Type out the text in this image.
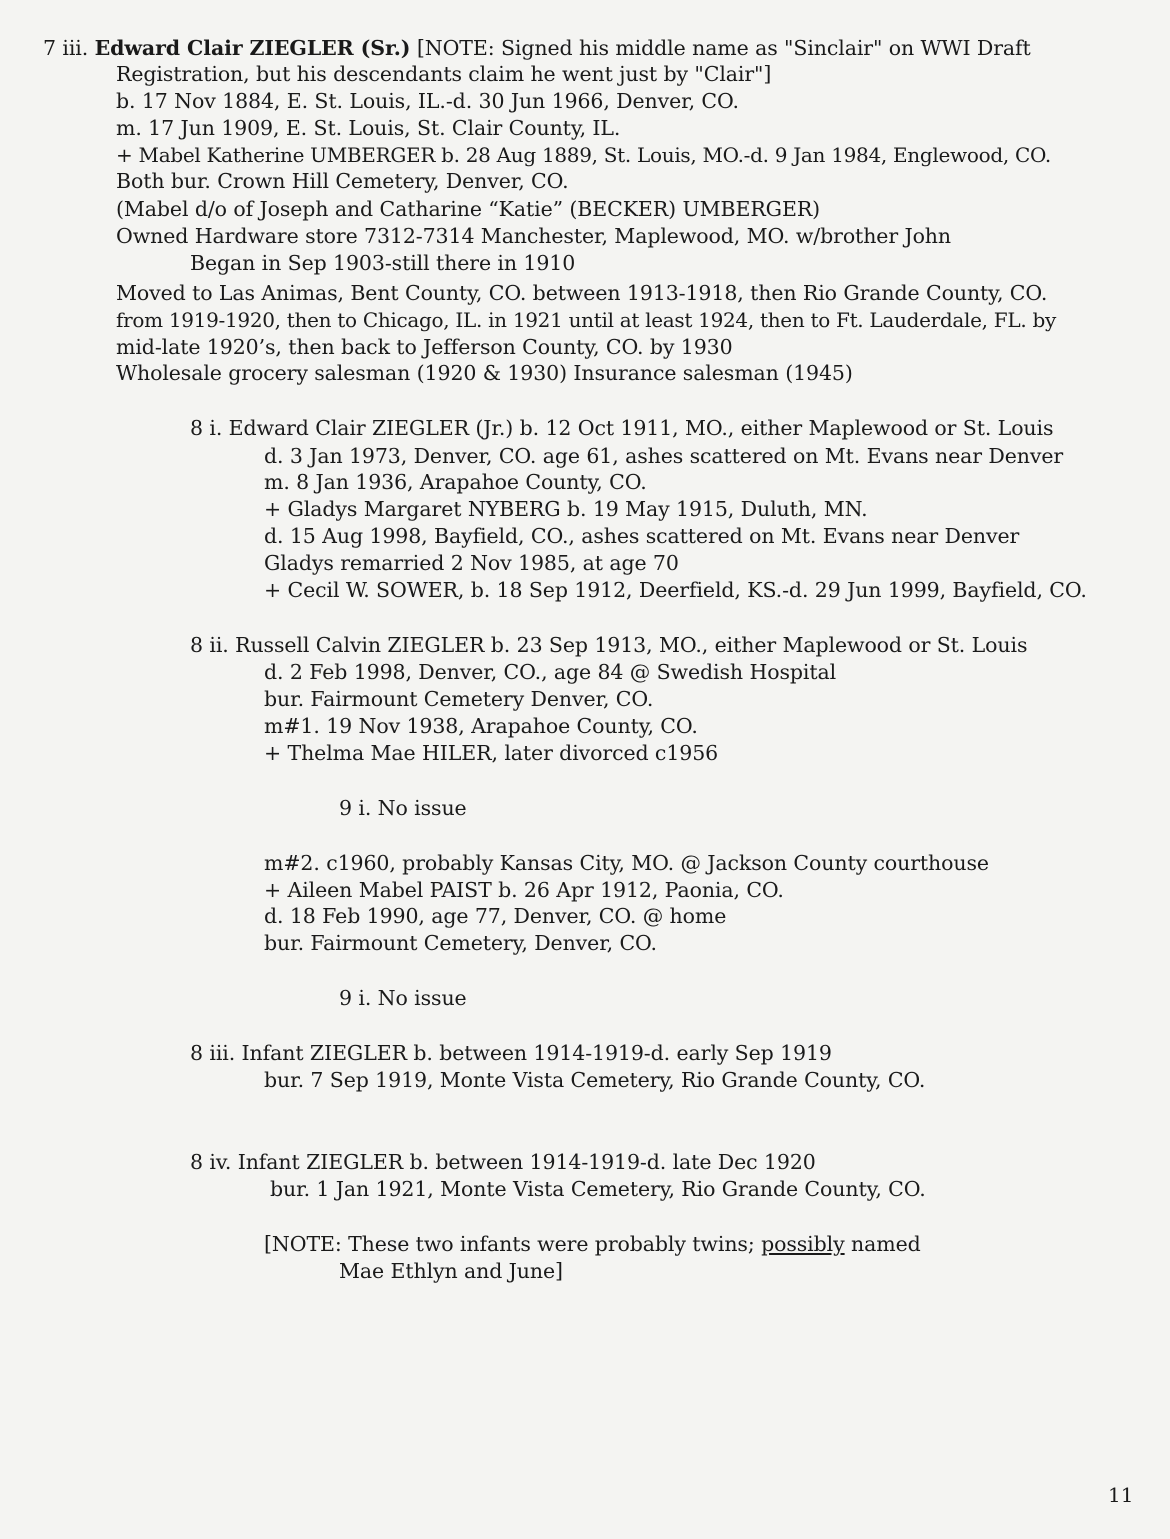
7 iii. Edward Clair ZIEGLER (Sr.) [NOTE: Signed his middle name as "Sinclair" on WWI Draft
Registration, but his descendants claim he went just by "Clair"]
b. 17 Nov 1884, E. St. Louis, IL.-d. 30 Jun 1966, Denver, CO.
m. 17 Jun 1909, E. St. Louis, St. Clair County, IL.
+ Mabel Katherine UMBERGER b. 28 Aug 1889, St. Louis, MO.-d. 9 Jan 1984, Englewood, CO.
Both bur. Crown Hill Cemetery, Denver, CO.
(Mabel d/o of Joseph and Catharine “Katie” (BECKER) UMBERGER)
Owned Hardware store 7312-7314 Manchester, Maplewood, MO. w/brother John
Began in Sep 1903-still there in 1910
Moved to Las Animas, Bent County, CO. between 1913-1918, then Rio Grande County, CO.
from 1919-1920, then to Chicago, IL. in 1921 until at least 1924, then to Ft. Lauderdale, FL. by
mid-late 1920’s, then back to Jefferson County, CO. by 1930
Wholesale grocery salesman (1920 & 1930) Insurance salesman (1945)
8 i. Edward Clair ZIEGLER (Jr.) b. 12 Oct 1911, MO., either Maplewood or St. Louis
d. 3 Jan 1973, Denver, CO. age 61, ashes scattered on Mt. Evans near Denver
m. 8 Jan 1936, Arapahoe County, CO.
+ Gladys Margaret NYBERG b. 19 May 1915, Duluth, MN.
d. 15 Aug 1998, Bayfield, CO., ashes scattered on Mt. Evans near Denver
Gladys remarried 2 Nov 1985, at age 70
+ Cecil W. SOWER, b. 18 Sep 1912, Deerfield, KS.-d. 29 Jun 1999, Bayfield, CO.
8 ii. Russell Calvin ZIEGLER b. 23 Sep 1913, MO., either Maplewood or St. Louis
d. 2 Feb 1998, Denver, CO., age 84 @ Swedish Hospital
bur. Fairmount Cemetery Denver, CO.
m#1. 19 Nov 1938, Arapahoe County, CO.
+ Thelma Mae HILER, later divorced c1956
9 i. No issue
m#2. c1960, probably Kansas City, MO. @ Jackson County courthouse
+ Aileen Mabel PAIST b. 26 Apr 1912, Paonia, CO.
d. 18 Feb 1990, age 77, Denver, CO. @ home
bur. Fairmount Cemetery, Denver, CO.
9 i. No issue
8 iii. Infant ZIEGLER b. between 1914-1919-d. early Sep 1919
bur. 7 Sep 1919, Monte Vista Cemetery, Rio Grande County, CO.
8 iv. Infant ZIEGLER b. between 1914-1919-d. late Dec 1920
bur. 1 Jan 1921, Monte Vista Cemetery, Rio Grande County, CO.
[NOTE: These two infants were probably twins; possibly named
Mae Ethlyn and June]
11
